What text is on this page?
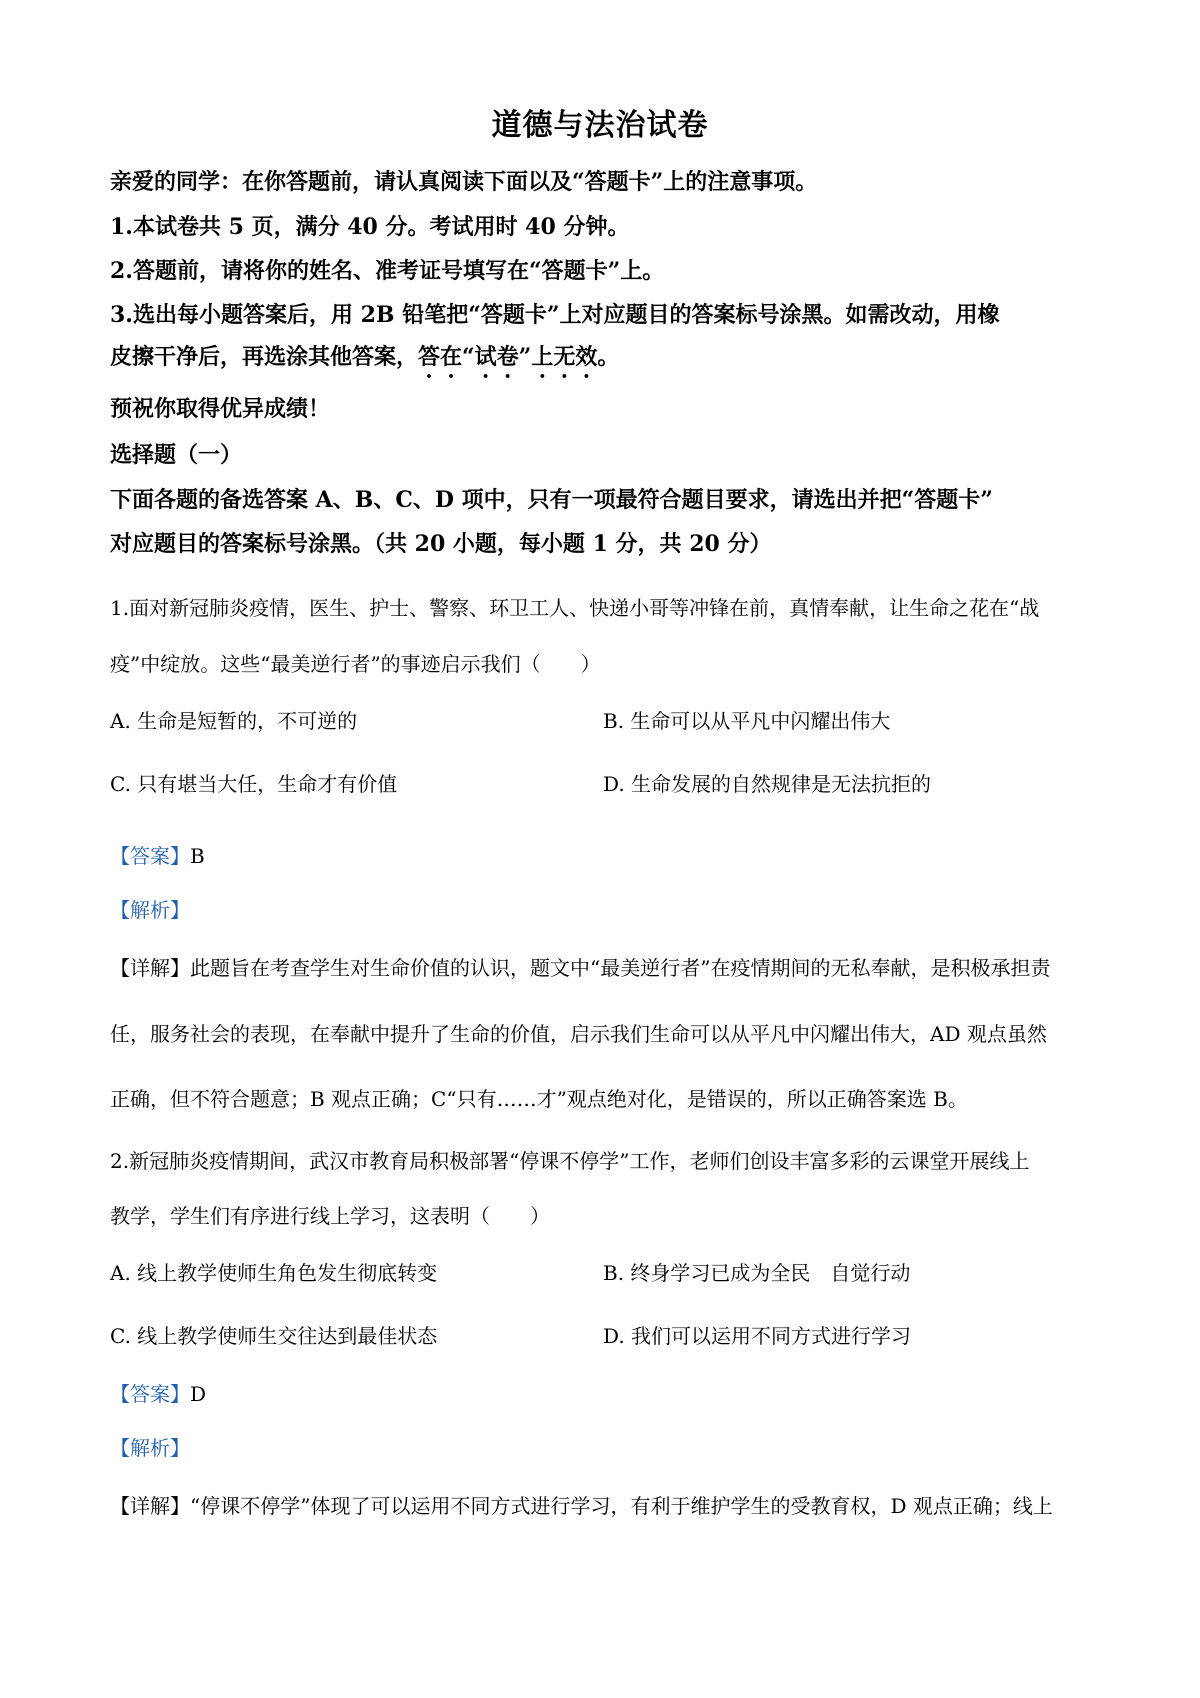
道德与法治试卷
亲爱的同学：在你答题前，请认真阅读下面以及“答题卡”上的注意事项。
1.本试卷共 5 页，满分 40 分。考试用时 40 分钟。
2.答题前，请将你的姓名、准考证号填写在“答题卡”上。
3.选出每小题答案后，用 2B 铅笔把“答题卡”上对应题目的答案标号涂黑。如需改动，用橡
皮擦干净后，再选涂其他答案，答在“试卷”上无效。
预祝你取得优异成绩！
选择题（一）
下面各题的备选答案 A、B、C、D 项中，只有一项最符合题目要求，请选出并把“答题卡”
对应题目的答案标号涂黑。（共 20 小题，每小题 1 分，共 20 分）
1.面对新冠肺炎疫情，医生、护士、警察、环卫工人、快递小哥等冲锋在前，真情奉献，让生命之花在“战
疫”中绽放。这些“最美逆行者”的事迹启示我们（　　）
A. 生命是短暂的，不可逆的	B. 生命可以从平凡中闪耀出伟大
C. 只有堪当大任，生命才有价值	D. 生命发展的自然规律是无法抗拒的
【答案】B
【解析】
【详解】此题旨在考查学生对生命价值的认识，题文中“最美逆行者”在疫情期间的无私奉献，是积极承担责
任，服务社会的表现，在奉献中提升了生命的价值，启示我们生命可以从平凡中闪耀出伟大，AD 观点虽然
正确，但不符合题意；B 观点正确；C“只有……才”观点绝对化，是错误的，所以正确答案选 B。
2.新冠肺炎疫情期间，武汉市教育局积极部署“停课不停学”工作，老师们创设丰富多彩的云课堂开展线上
教学，学生们有序进行线上学习，这表明（　　）
A. 线上教学使师生角色发生彻底转变	B. 终身学习已成为全民　自觉行动
C. 线上教学使师生交往达到最佳状态	D. 我们可以运用不同方式进行学习
【答案】D
【解析】
【详解】“停课不停学”体现了可以运用不同方式进行学习，有利于维护学生的受教育权，D 观点正确；线上
